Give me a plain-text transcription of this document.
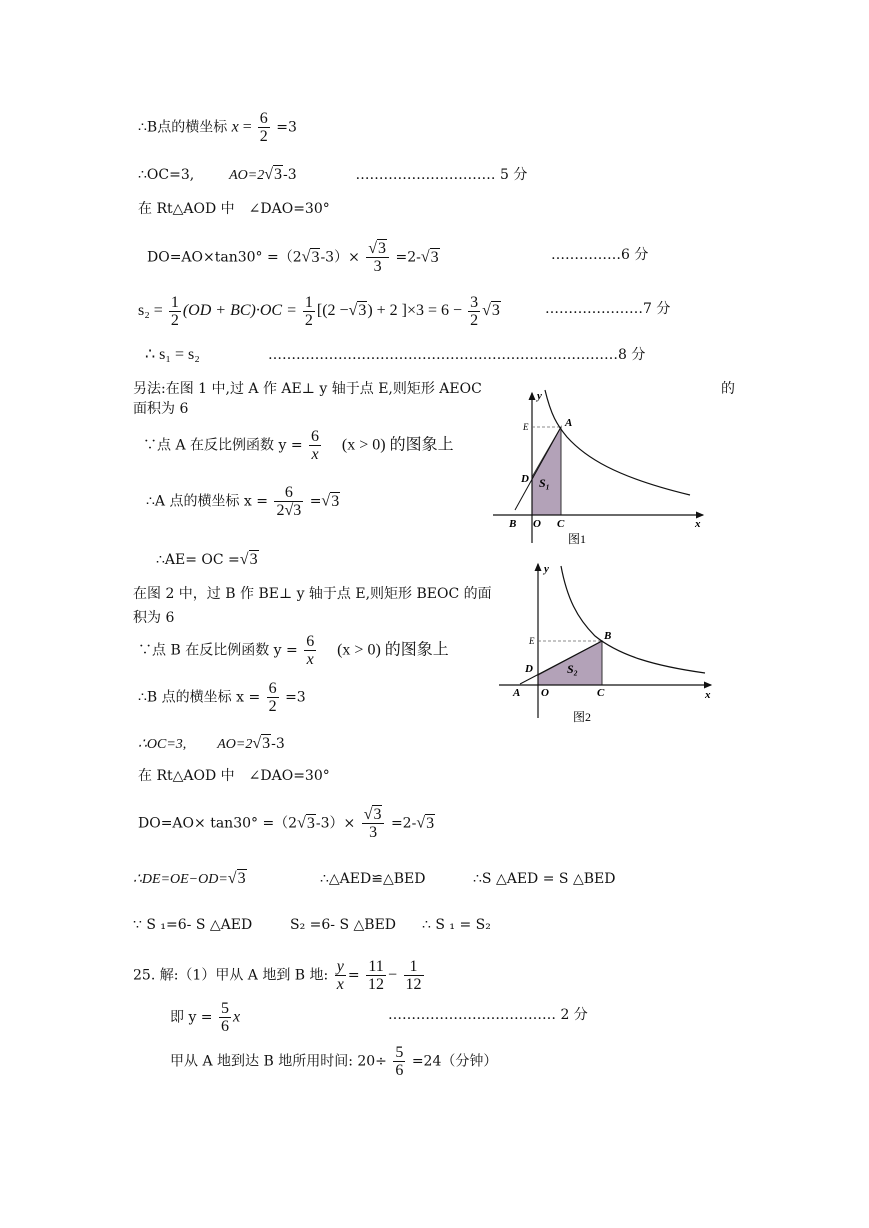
∴B点的横坐标 $x = \frac{6}{2} =3$
∴OC=3, AO=2√3-3	………………………… 5 分
在 Rt△AOD 中　∠DAO=30°
$DO=AO\times\tan 30^\circ =(2√3-3)\times \frac{√3}{3} =2-√3$	……………6 分
$s_2 = \frac{1}{2} (OD + BC)\cdot OC = \frac{1}{2} [(2 -√3) + 2$ ]$\times 3 = 6 - \frac{3}{2} √3$	…………………7 分
∴ s₁ = s₂	…………………………………………………………………8 分
另法:在图 1 中,过 A 作 AE⊥ y 轴于点 E,则矩形 AEOC	的
面积为 6
∵点 A 在反比例函数 $y = \frac{6}{x} (x > 0)$ 的图象上
∴A 点的横坐标 $x = \frac{6}{2√3} =√3$
∴AE= OC =√3
在图 2 中，过 B 作 BE⊥ y 轴于点 E,则矩形 BEOC 的面
积为 6
∵点 B 在反比例函数 $y = \frac{6}{x} (x > 0)$ 的图象上
∴B 点的横坐标 $x = \frac{6}{2} =3$
∴OC=3, AO=2√3-3
在 Rt△AOD 中　∠DAO=30°
$DO=AO\times \tan 30^\circ =(2√3-3)\times \frac{√3}{3} =2-√3$
∴DE=OE−OD=√3	∴△AED≌△BED	∴S △AED = S △BED
∵ S ₁=6- S △AED	S₂ =6- S △BED ∴ S ₁ = S₂
25. 解:（1）甲从 A 地到 B 地: $\frac{y}{x} = \frac{11}{12} - \frac{1}{12}$
即 $y = \frac{5}{6}$ x	……………………………… 2 分
甲从 A 地到达 B 地所用时间: $20\div \frac{5}{6} =24$（分钟）
y
x
E	A
D S₁
B O C
图1
y
x
E	B
D	S₂
A O	C
图2
